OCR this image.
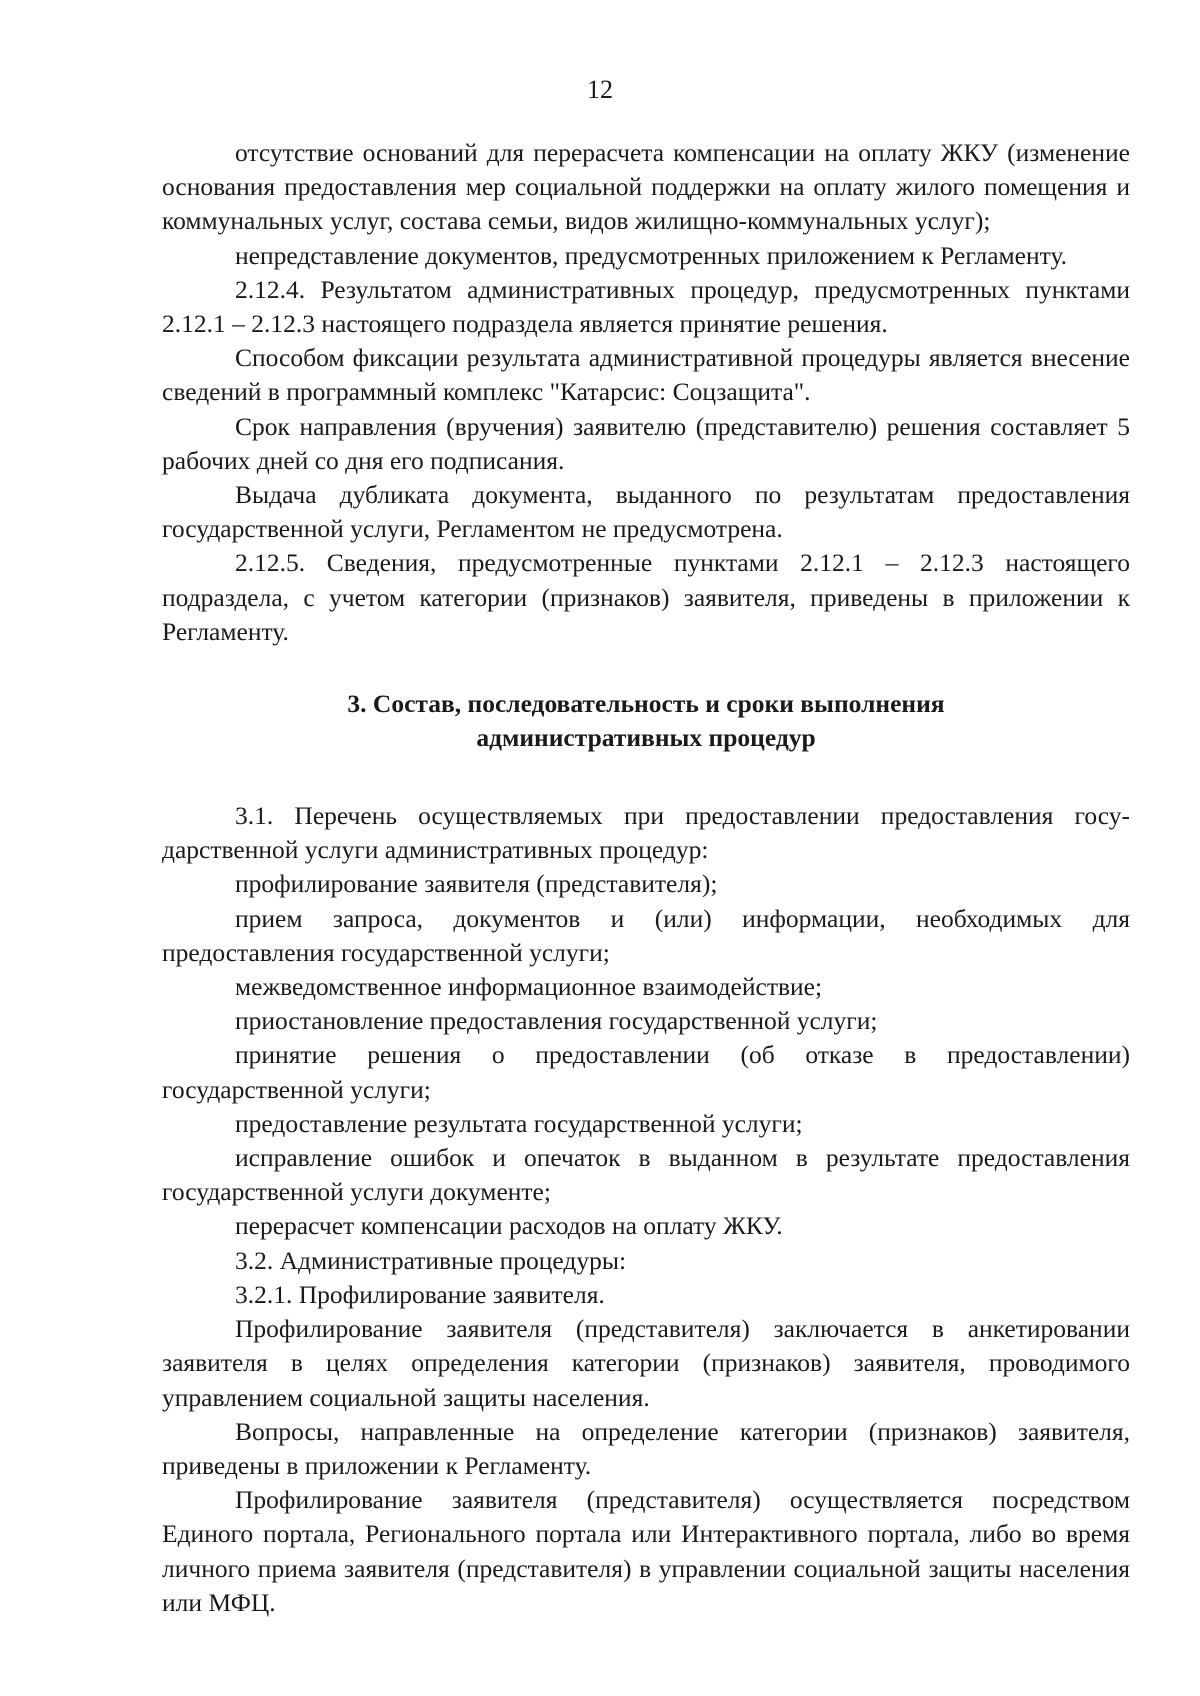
12

отсутствие оснований для перерасчета компенсации на оплату ЖКУ (изменение основания предоставления мер социальной поддержки на оплату жилого помещения и коммунальных услуг, состава семьи, видов жилищно-коммунальных услуг);

непредставление документов, предусмотренных приложением к Регламенту.

2.12.4. Результатом административных процедур, предусмотренных пунктами 2.12.1 – 2.12.3 настоящего подраздела является принятие решения.

Способом фиксации результата административной процедуры является внесение сведений в программный комплекс "Катарсис: Соцзащита".

Срок направления (вручения) заявителю (представителю) решения составляет 5 рабочих дней со дня его подписания.

Выдача дубликата документа, выданного по результатам предоставления государственной услуги, Регламентом не предусмотрена.

2.12.5. Сведения, предусмотренные пунктами 2.12.1 – 2.12.3 настоящего подраздела, с учетом категории (признаков) заявителя, приведены в приложении к Регламенту.

3. Состав, последовательность и сроки выполнения
административных процедур

3.1. Перечень осуществляемых при предоставлении предоставления государственной услуги административных процедур:

профилирование заявителя (представителя);

прием запроса, документов и (или) информации, необходимых для предоставления государственной услуги;

межведомственное информационное взаимодействие;

приостановление предоставления государственной услуги;

принятие решения о предоставлении (об отказе в предоставлении) государственной услуги;

предоставление результата государственной услуги;

исправление ошибок и опечаток в выданном в результате предоставления государственной услуги документе;

перерасчет компенсации расходов на оплату ЖКУ.

3.2. Административные процедуры:

3.2.1. Профилирование заявителя.

Профилирование заявителя (представителя) заключается в анкетировании заявителя в целях определения категории (признаков) заявителя, проводимого управлением социальной защиты населения.

Вопросы, направленные на определение категории (признаков) заявителя, приведены в приложении к Регламенту.

Профилирование заявителя (представителя) осуществляется посредством Единого портала, Регионального портала или Интерактивного портала, либо во время личного приема заявителя (представителя) в управлении социальной защиты населения или МФЦ.
